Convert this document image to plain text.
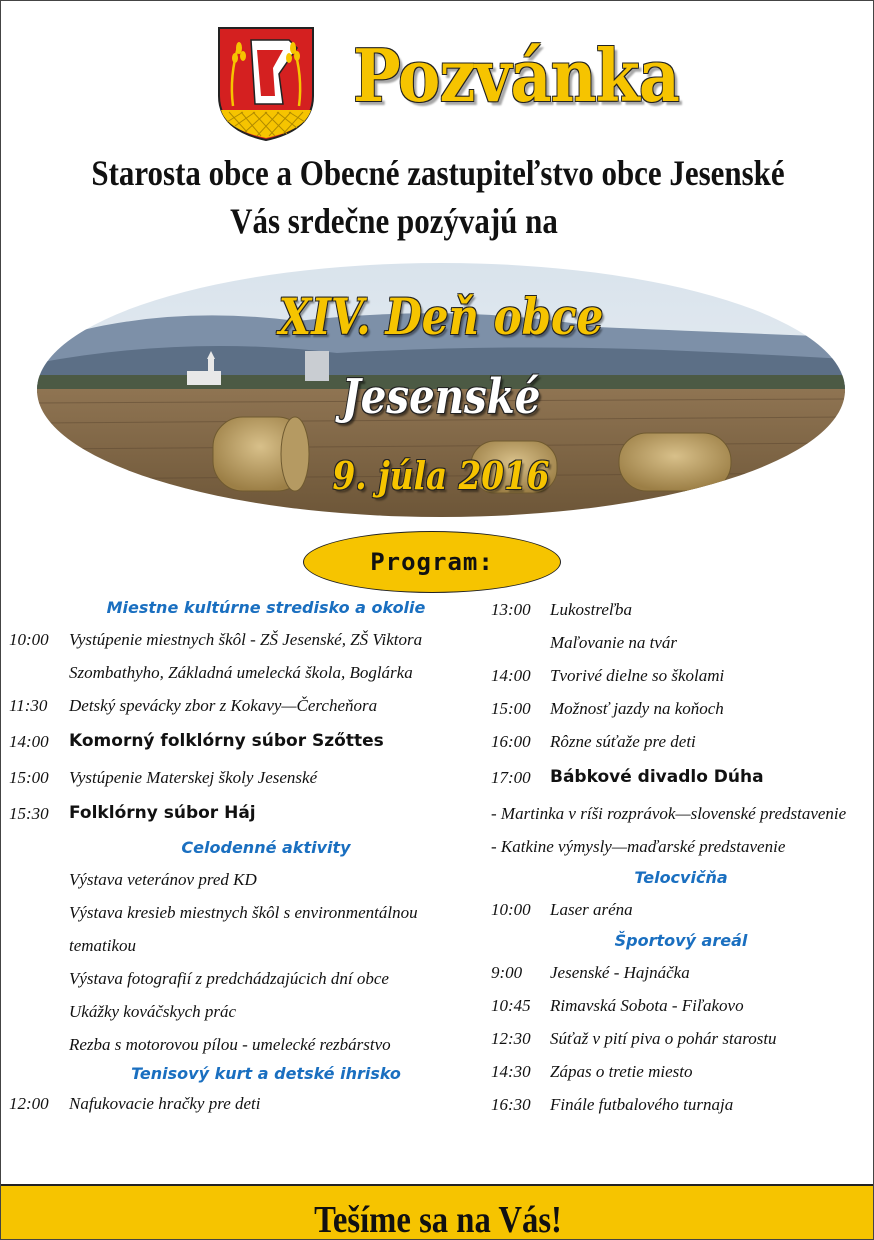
Pozvánka
Starosta obce a Obecné zastupiteľstvo obce Jesenské
Vás srdečne pozývajú na
XIV. Deň obce
Jesenské
9. júla 2016
Program:
Miestne kultúrne stredisko a okolie
10:00	Vystúpenie miestnych škôl - ZŠ Jesenské, ZŠ Viktora Szombathyho, Základná umelecká škola, Boglárka
11:30	Detský spevácky zbor z Kokavy—Čercheňora
14:00	Komorný folklórny súbor Szőttes
15:00	Vystúpenie Materskej školy Jesenské
15:30	Folklórny súbor Háj
Celodenné aktivity
Výstava veteránov pred KD
Výstava kresieb miestnych škôl s environmentálnou tematikou
Výstava fotografií z predchádzajúcich dní obce
Ukážky kováčskych prác
Rezba s motorovou pílou - umelecké rezbárstvo
Tenisový kurt a detské ihrisko
12:00	Nafukovacie hračky pre deti
13:00	Lukostreľba
Maľovanie na tvár
14:00	Tvorivé dielne so školami
15:00	Možnosť jazdy na koňoch
16:00	Rôzne súťaže pre deti
17:00	Bábkové divadlo Dúha
- Martinka v ríši rozprávok—slovenské predstavenie
- Katkine výmysly—maďarské predstavenie
Telocvičňa
10:00	Laser aréna
Športový areál
9:00	Jesenské - Hajnáčka
10:45	Rimavská Sobota - Fiľakovo
12:30	Súťaž v pití piva o pohár starostu
14:30	Zápas o tretie miesto
16:30	Finále futbalového turnaja
Tešíme sa na Vás!
